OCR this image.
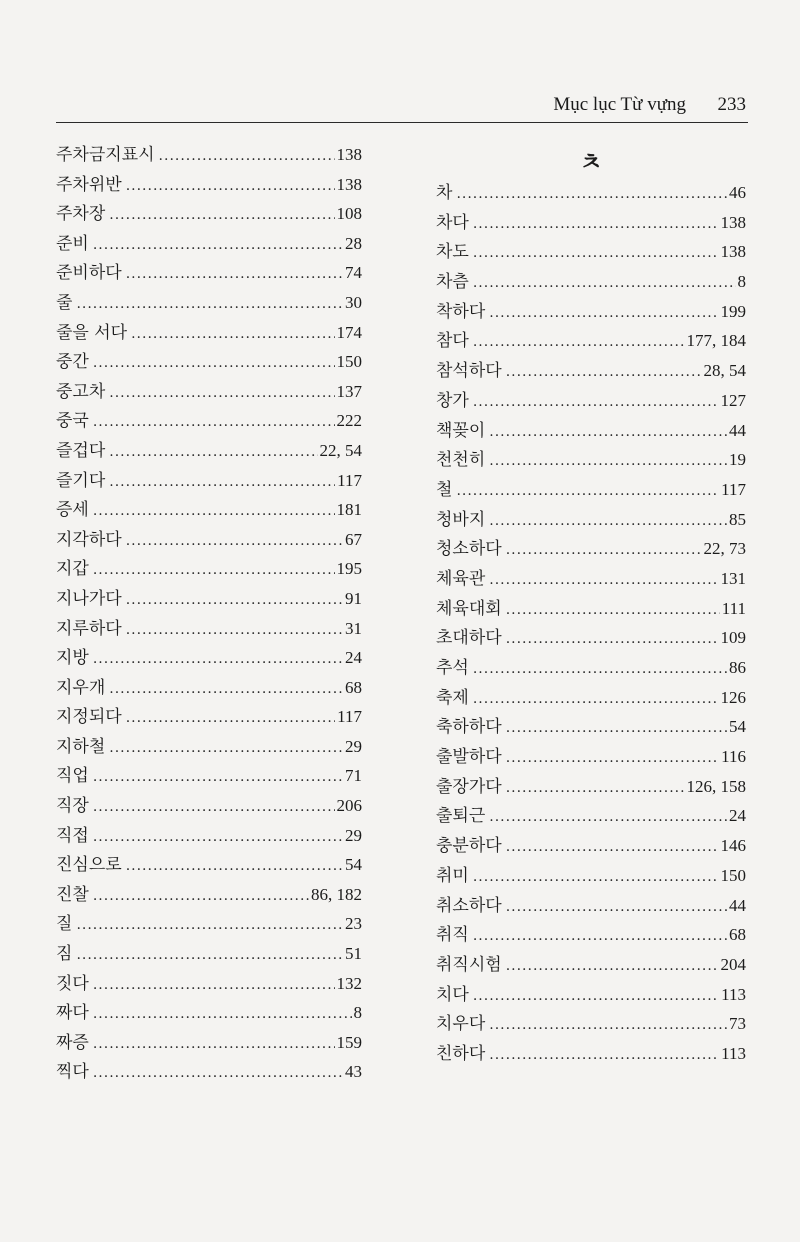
Mục lục Từ vựng 233
주차금지표시 .....	138
주차위반 .....	138
주차장 .....	108
준비 .....	28
준비하다 .....	74
줄 .....	30
줄을 서다 .....	174
중간 .....	150
중고차 .....	137
중국 .....	222
즐겁다 .....	22, 54
즐기다 .....	117
증세 .....	181
지각하다 .....	67
지갑 .....	195
지나가다 .....	91
지루하다 .....	31
지방 .....	24
지우개 .....	68
지정되다 .....	117
지하철 .....	29
직업 .....	71
직장 .....	206
직접 .....	29
진심으로 .....	54
진찰 .....	86, 182
질 .....	23
짐 .....	51
짓다 .....	132
짜다 .....	8
짜증 .....	159
찍다 .....	43
ㅊ
차 .....	46
차다 .....	138
차도 .....	138
차츰 .....	8
착하다 .....	199
참다 .....	177, 184
참석하다 .....	28, 54
창가 .....	127
책꽂이 .....	44
천천히 .....	19
철 .....	117
청바지 .....	85
청소하다 .....	22, 73
체육관 .....	131
체육대회 .....	111
초대하다 .....	109
추석 .....	86
축제 .....	126
축하하다 .....	54
출발하다 .....	116
출장가다 .....	126, 158
출퇴근 .....	24
충분하다 .....	146
취미 .....	150
취소하다 .....	44
취직 .....	68
취직시험 .....	204
치다 .....	113
치우다 .....	73
친하다 .....	113
